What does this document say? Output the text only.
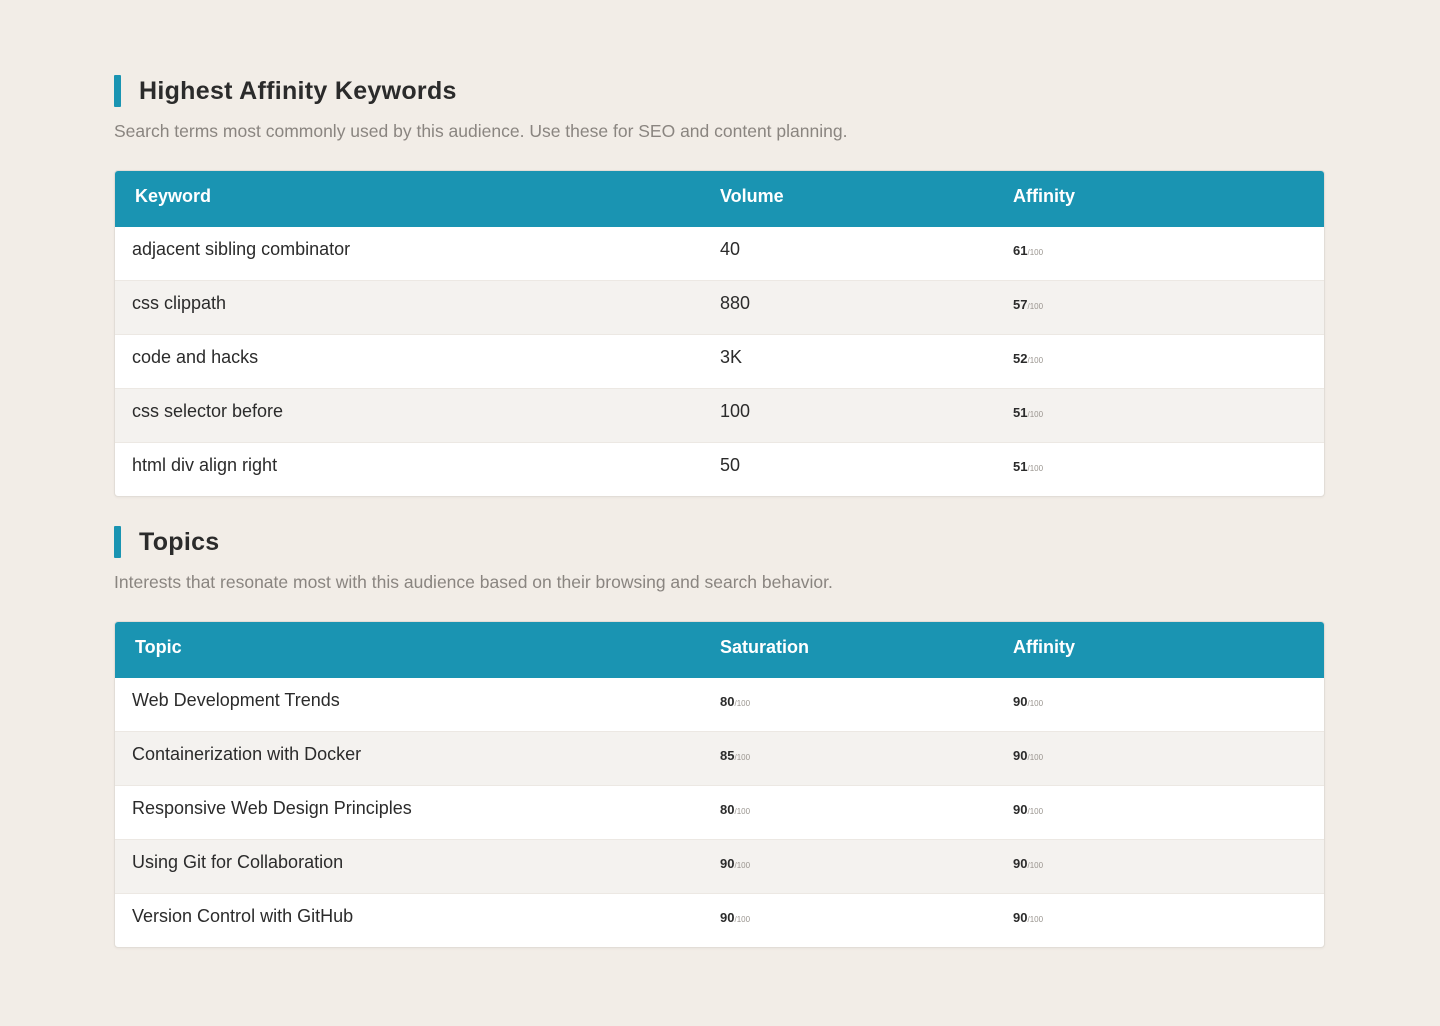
Highest Affinity Keywords
Search terms most commonly used by this audience. Use these for SEO and content planning.
Keyword	Volume	Affinity
adjacent sibling combinator	40	61/100
css clippath	880	57/100
code and hacks	3K	52/100
css selector before	100	51/100
html div align right	50	51/100
Topics
Interests that resonate most with this audience based on their browsing and search behavior.
Topic	Saturation	Affinity
Web Development Trends	80/100	90/100
Containerization with Docker	85/100	90/100
Responsive Web Design Principles	80/100	90/100
Using Git for Collaboration	90/100	90/100
Version Control with GitHub	90/100	90/100
